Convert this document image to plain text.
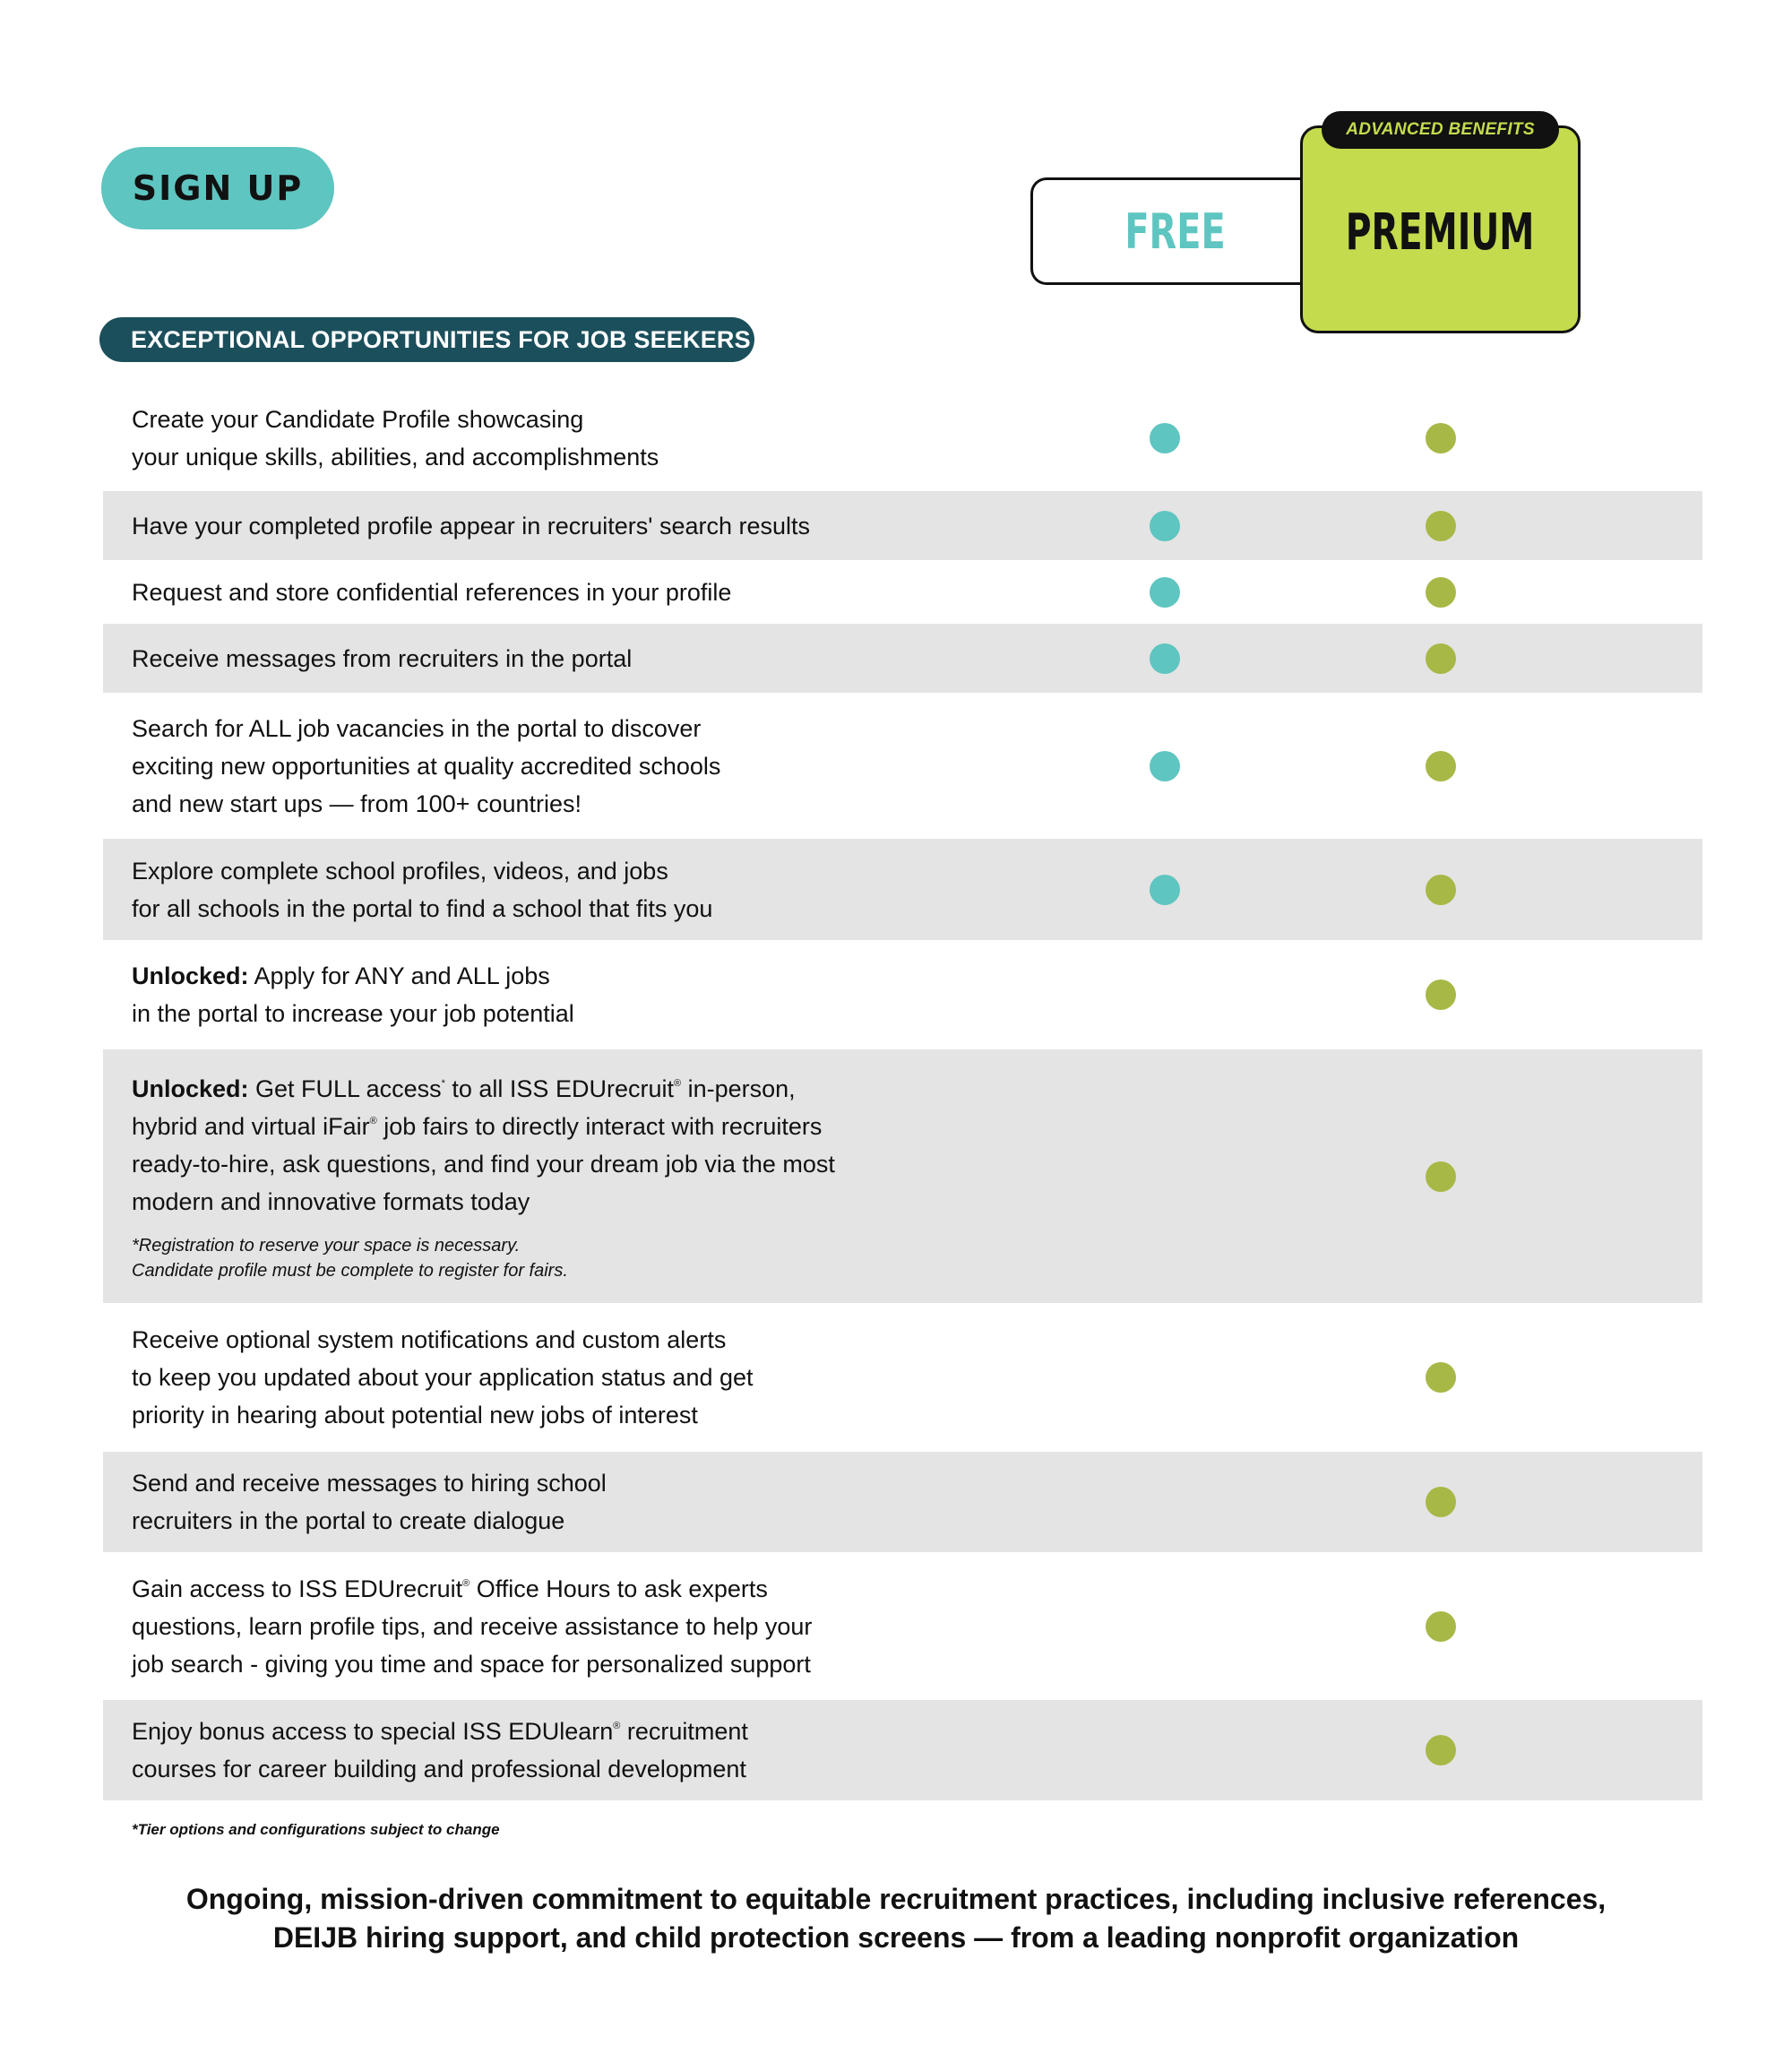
SIGN UP
FREE PREMIUM
ADVANCED BENEFITS
EXCEPTIONAL OPPORTUNITIES FOR JOB SEEKERS
Create your Candidate Profile showcasing
your unique skills, abilities, and accomplishments
Have your completed profile appear in recruiters' search results
Request and store confidential references in your profile
Receive messages from recruiters in the portal
Search for ALL job vacancies in the portal to discover
exciting new opportunities at quality accredited schools
and new start ups — from 100+ countries!
Explore complete school profiles, videos, and jobs
for all schools in the portal to find a school that fits you
Unlocked: Apply for ANY and ALL jobs
in the portal to increase your job potential
Unlocked: Get FULL access* to all ISS EDUrecruit® in-person,
hybrid and virtual iFair® job fairs to directly interact with recruiters
ready-to-hire, ask questions, and find your dream job via the most
modern and innovative formats today
*Registration to reserve your space is necessary.
Candidate profile must be complete to register for fairs.
Receive optional system notifications and custom alerts
to keep you updated about your application status and get
priority in hearing about potential new jobs of interest
Send and receive messages to hiring school
recruiters in the portal to create dialogue
Gain access to ISS EDUrecruit® Office Hours to ask experts
questions, learn profile tips, and receive assistance to help your
job search - giving you time and space for personalized support
Enjoy bonus access to special ISS EDUlearn® recruitment
courses for career building and professional development
*Tier options and configurations subject to change
Ongoing, mission-driven commitment to equitable recruitment practices, including inclusive references,
DEIJB hiring support, and child protection screens — from a leading nonprofit organization
